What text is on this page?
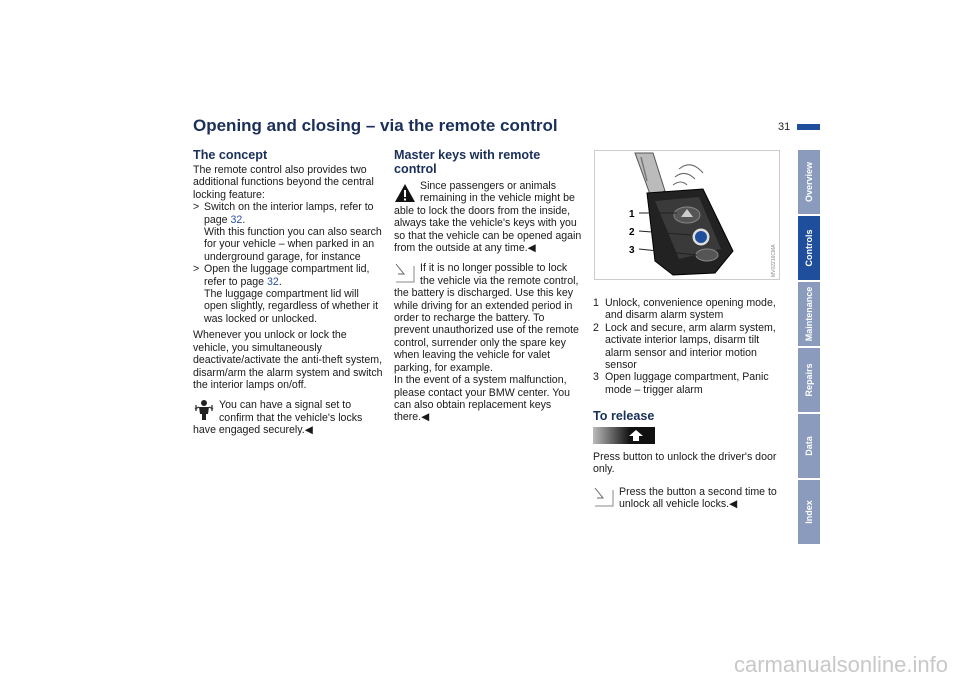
Opening and closing – via the remote control	31
Overview
Controls
Maintenance
Repairs
Data
Index
The concept
The remote control also provides two additional functions beyond the central locking feature:
> Switch on the interior lamps, refer to page 32.
With this function you can also search for your vehicle – when parked in an underground garage, for instance
> Open the luggage compartment lid, refer to page 32.
The luggage compartment lid will open slightly, regardless of whether it was locked or unlocked.
Whenever you unlock or lock the vehicle, you simultaneously deactivate/activate the anti-theft system, disarm/arm the alarm system and switch the interior lamps on/off.
You can have a signal set to confirm that the vehicle's locks have engaged securely.◀
Master keys with remote control
Since passengers or animals remaining in the vehicle might be able to lock the doors from the inside, always take the vehicle's keys with you so that the vehicle can be opened again from the outside at any time.◀
If it is no longer possible to lock the vehicle via the remote control, the battery is discharged. Use this key while driving for an extended period in order to recharge the battery. To prevent unauthorized use of the remote control, surrender only the spare key when leaving the vehicle for valet parking, for example.
In the event of a system malfunction, please contact your BMW center. You can also obtain replacement keys there.◀
1
2
3	MV02216CMA
1 Unlock, convenience opening mode, and disarm alarm system
2 Lock and secure, arm alarm system, activate interior lamps, disarm tilt alarm sensor and interior motion sensor
3 Open luggage compartment, Panic mode – trigger alarm
To release
Press button to unlock the driver's door only.
Press the button a second time to unlock all vehicle locks.◀
carmanualsonline.info
